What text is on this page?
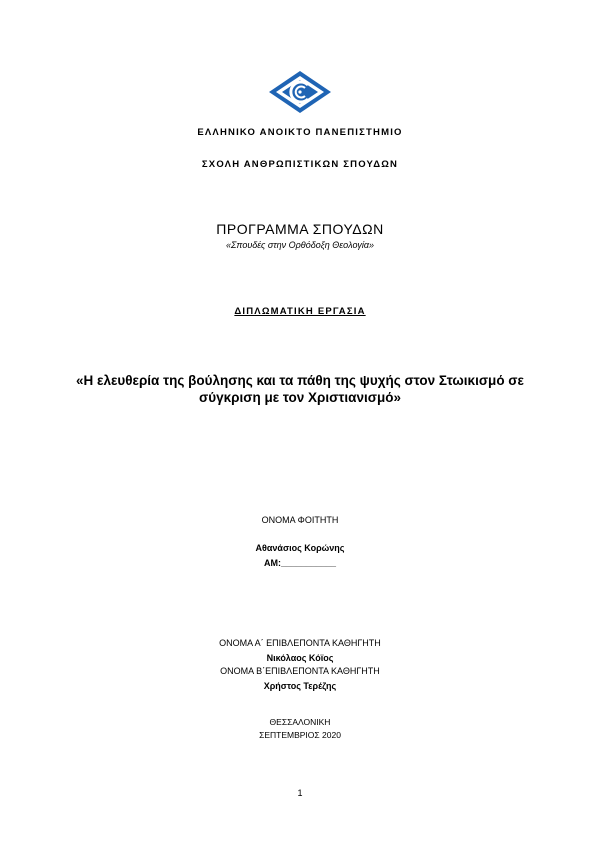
ΕΛΛΗΝΙΚΟ ΑΝΟΙΚΤΟ ΠΑΝΕΠΙΣΤΗΜΙΟ
ΣΧΟΛΗ ΑΝΘΡΩΠΙΣΤΙΚΩΝ ΣΠΟΥΔΩΝ
ΠΡΟΓΡΑΜΜΑ ΣΠΟΥΔΩΝ
«Σπουδές στην Ορθόδοξη Θεολογία»
ΔΙΠΛΩΜΑΤΙΚΗ ΕΡΓΑΣΙΑ
«Η ελευθερία της βούλησης και τα πάθη της ψυχής στον Στωικισμό σε
σύγκριση με τον Χριστιανισμό»
ΟΝΟΜΑ ΦΟΙΤΗΤΗ
Αθανάσιος Κορώνης
ΑΜ:___________
ΟΝΟΜΑ Α΄ ΕΠΙΒΛΕΠΟΝΤΑ ΚΑΘΗΓΗΤΗ
Νικόλαος Κόϊος
ΟΝΟΜΑ Β΄ΕΠΙΒΛΕΠΟΝΤΑ ΚΑΘΗΓΗΤΗ
Χρήστος Τερέζης
ΘΕΣΣΑΛΟΝΙΚΗ
ΣΕΠΤΕΜΒΡΙΟΣ 2020
1
